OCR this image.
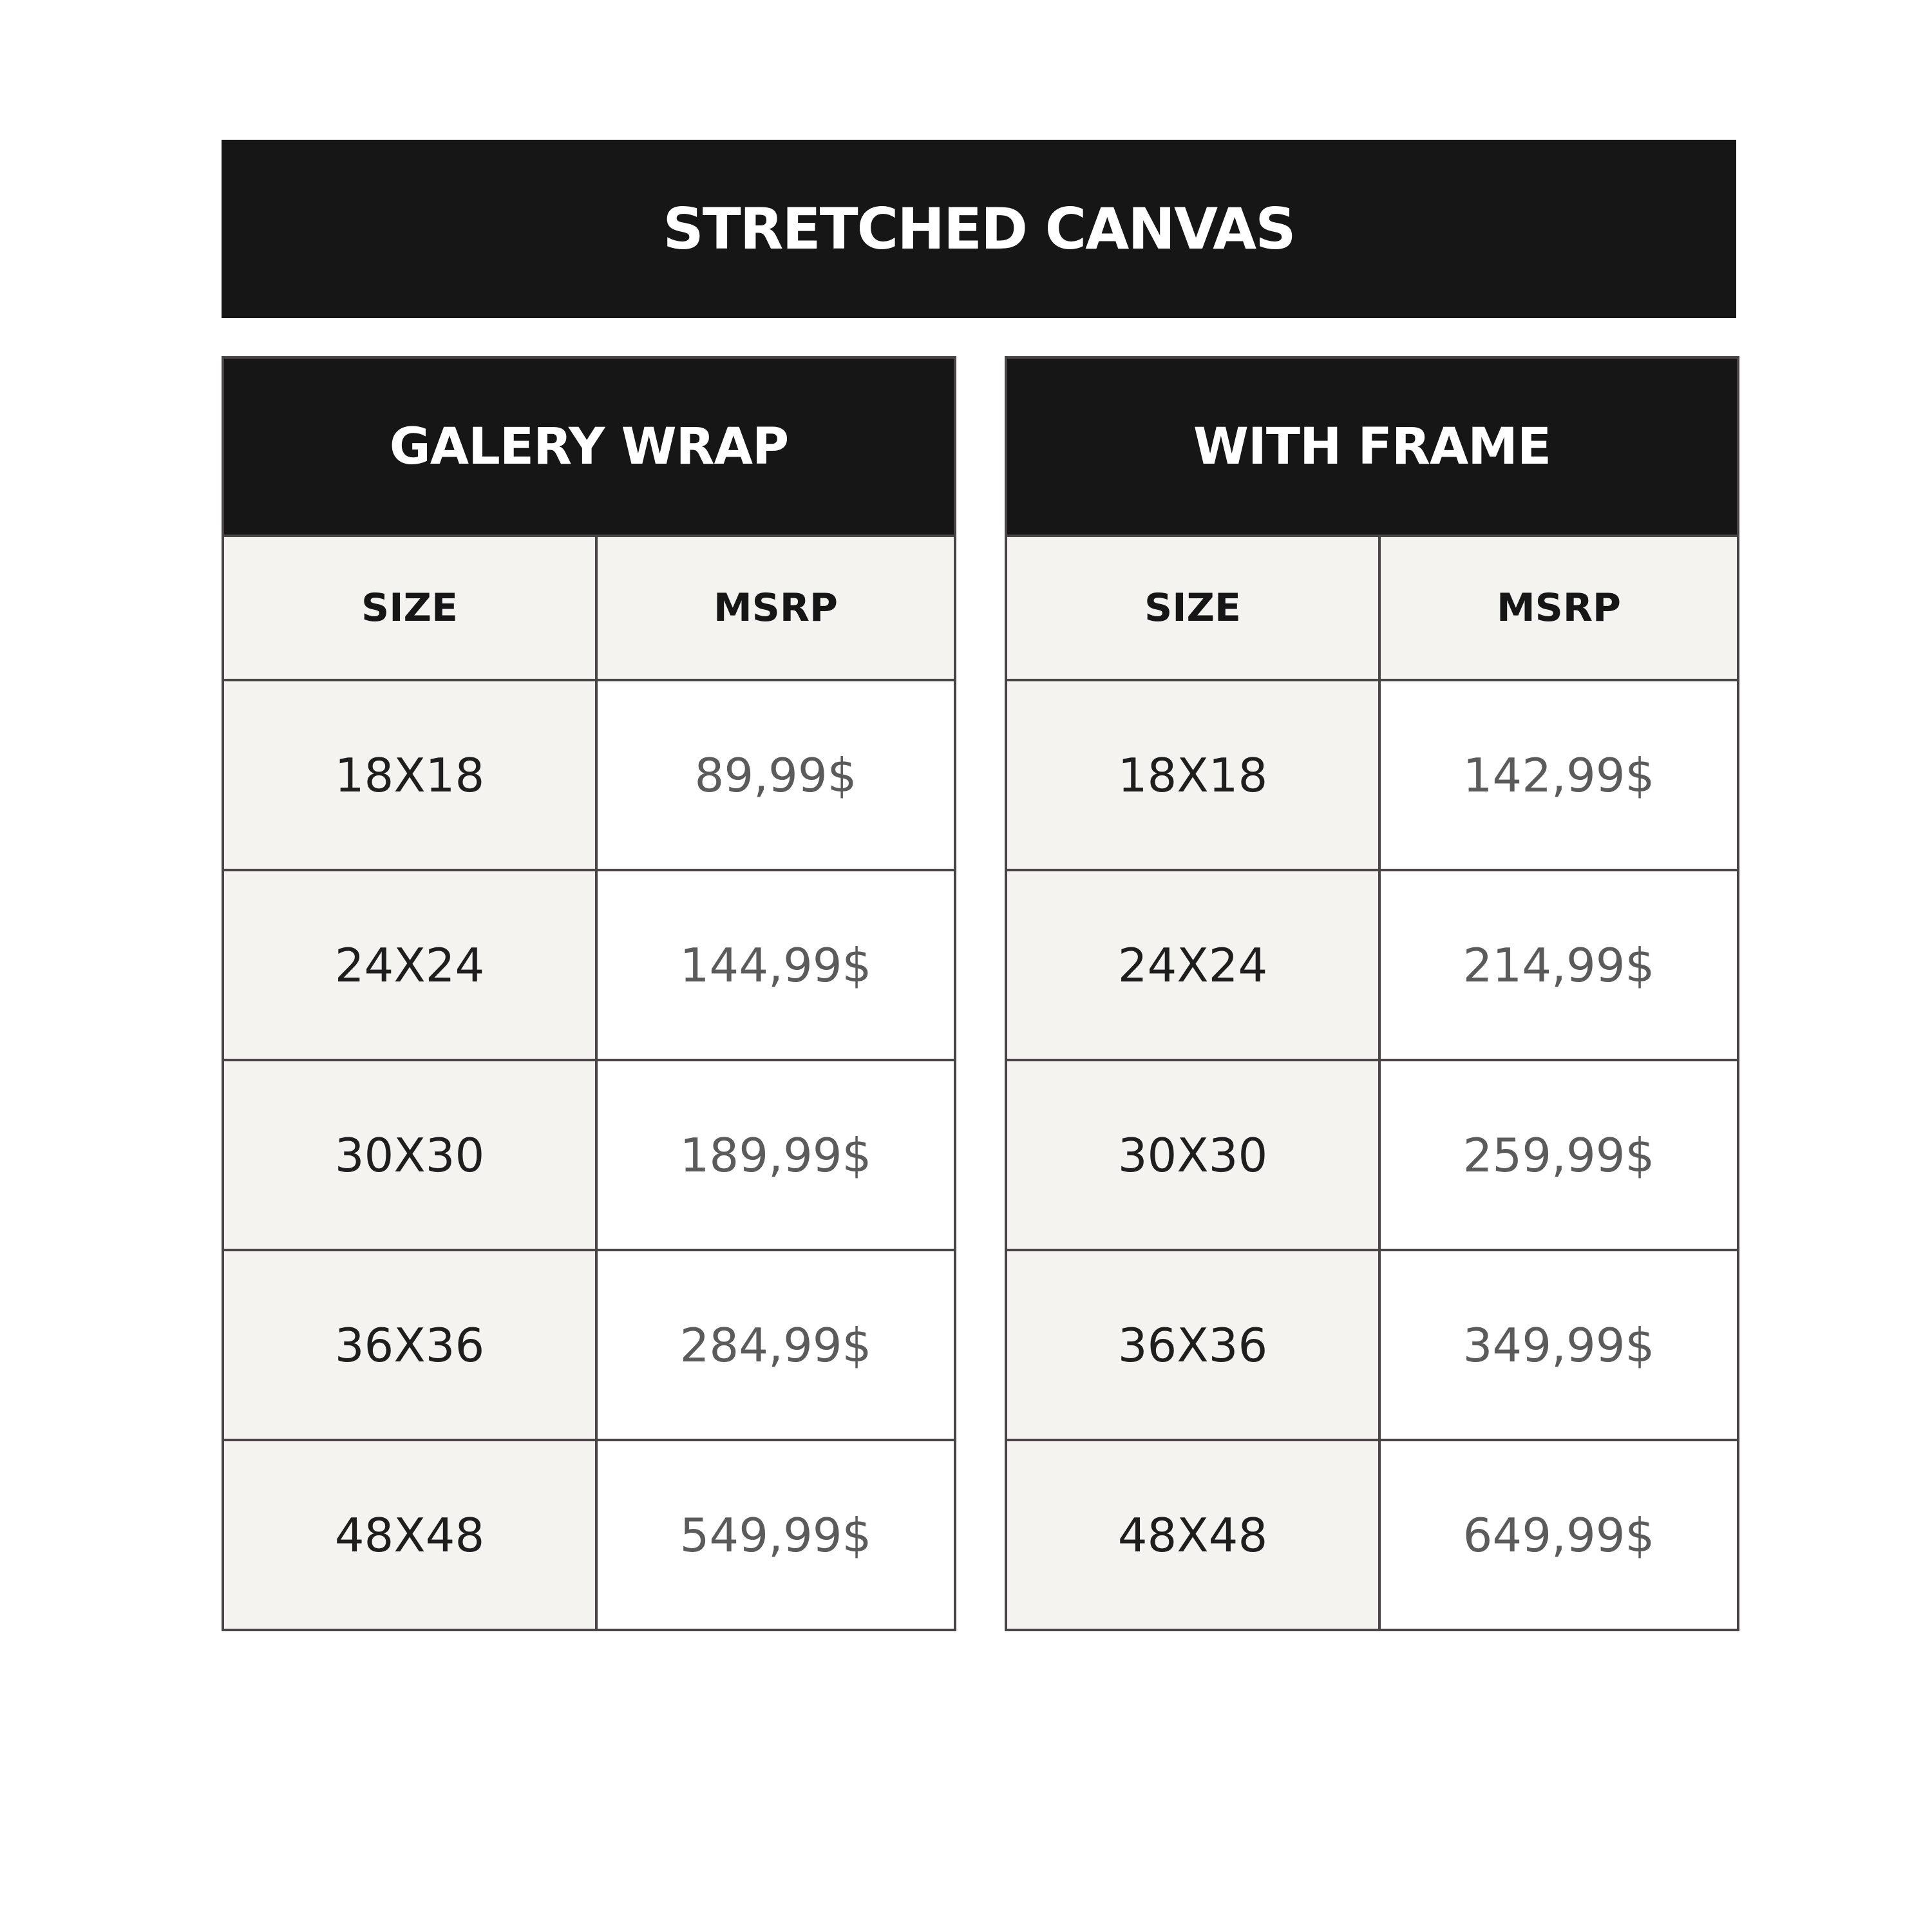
STRETCHED CANVAS
GALERY WRAP	
SIZE	MSRP
18X18	89,99$
24X24	144,99$
30X30	189,99$
36X36	284,99$
48X48	549,99$
WITH FRAME	
SIZE	MSRP
18X18	142,99$
24X24	214,99$
30X30	259,99$
36X36	349,99$
48X48	649,99$
